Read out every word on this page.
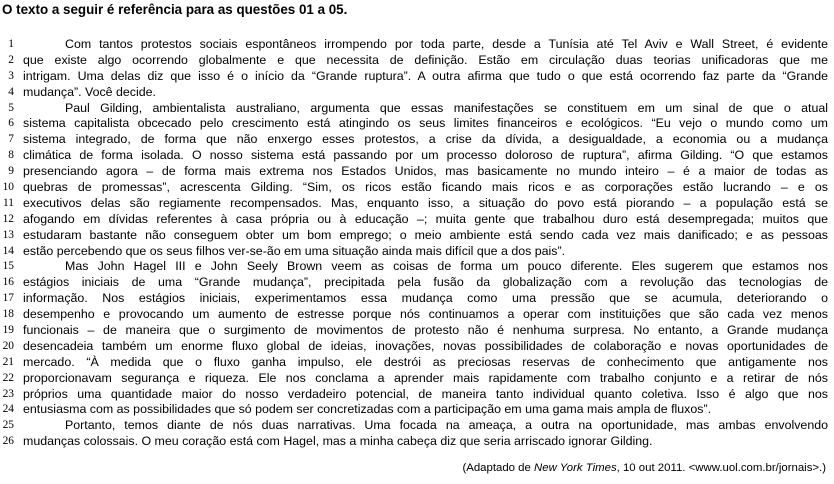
O texto a seguir é referência para as questões 01 a 05.
1	Com tantos protestos sociais espontâneos irrompendo por toda parte, desde a Tunísia até Tel Aviv e Wall Street, é evidente
2 que existe algo ocorrendo globalmente e que necessita de definição. Estão em circulação duas teorias unificadoras que me
3 intrigam. Uma delas diz que isso é o início da “Grande ruptura”. A outra afirma que tudo o que está ocorrendo faz parte da “Grande
4 mudança”. Você decide.
5	Paul Gilding, ambientalista australiano, argumenta que essas manifestações se constituem em um sinal de que o atual
6 sistema capitalista obcecado pelo crescimento está atingindo os seus limites financeiros e ecológicos. “Eu vejo o mundo como um
7 sistema integrado, de forma que não enxergo esses protestos, a crise da dívida, a desigualdade, a economia ou a mudança
8 climática de forma isolada. O nosso sistema está passando por um processo doloroso de ruptura”, afirma Gilding. “O que estamos
9 presenciando agora – de forma mais extrema nos Estados Unidos, mas basicamente no mundo inteiro – é a maior de todas as
10 quebras de promessas”, acrescenta Gilding. “Sim, os ricos estão ficando mais ricos e as corporações estão lucrando – e os
11 executivos delas são regiamente recompensados. Mas, enquanto isso, a situação do povo está piorando – a população está se
12 afogando em dívidas referentes à casa própria ou à educação –; muita gente que trabalhou duro está desempregada; muitos que
13 estudaram bastante não conseguem obter um bom emprego; o meio ambiente está sendo cada vez mais danificado; e as pessoas
14 estão percebendo que os seus filhos ver-se-ão em uma situação ainda mais difícil que a dos pais”.
15	Mas John Hagel III e John Seely Brown veem as coisas de forma um pouco diferente. Eles sugerem que estamos nos
16 estágios iniciais de uma “Grande mudança”, precipitada pela fusão da globalização com a revolução das tecnologias de
17 informação. Nos estágios iniciais, experimentamos essa mudança como uma pressão que se acumula, deteriorando o
18 desempenho e provocando um aumento de estresse porque nós continuamos a operar com instituições que são cada vez menos
19 funcionais – de maneira que o surgimento de movimentos de protesto não é nenhuma surpresa. No entanto, a Grande mudança
20 desencadeia também um enorme fluxo global de ideias, inovações, novas possibilidades de colaboração e novas oportunidades de
21 mercado. “À medida que o fluxo ganha impulso, ele destrói as preciosas reservas de conhecimento que antigamente nos
22 proporcionavam segurança e riqueza. Ele nos conclama a aprender mais rapidamente com trabalho conjunto e a retirar de nós
23 próprios uma quantidade maior do nosso verdadeiro potencial, de maneira tanto individual quanto coletiva. Isso é algo que nos
24 entusiasma com as possibilidades que só podem ser concretizadas com a participação em uma gama mais ampla de fluxos”.
25	Portanto, temos diante de nós duas narrativas. Uma focada na ameaça, a outra na oportunidade, mas ambas envolvendo
26 mudanças colossais. O meu coração está com Hagel, mas a minha cabeça diz que seria arriscado ignorar Gilding.
(Adaptado de New York Times, 10 out 2011. <www.uol.com.br/jornais>.)
